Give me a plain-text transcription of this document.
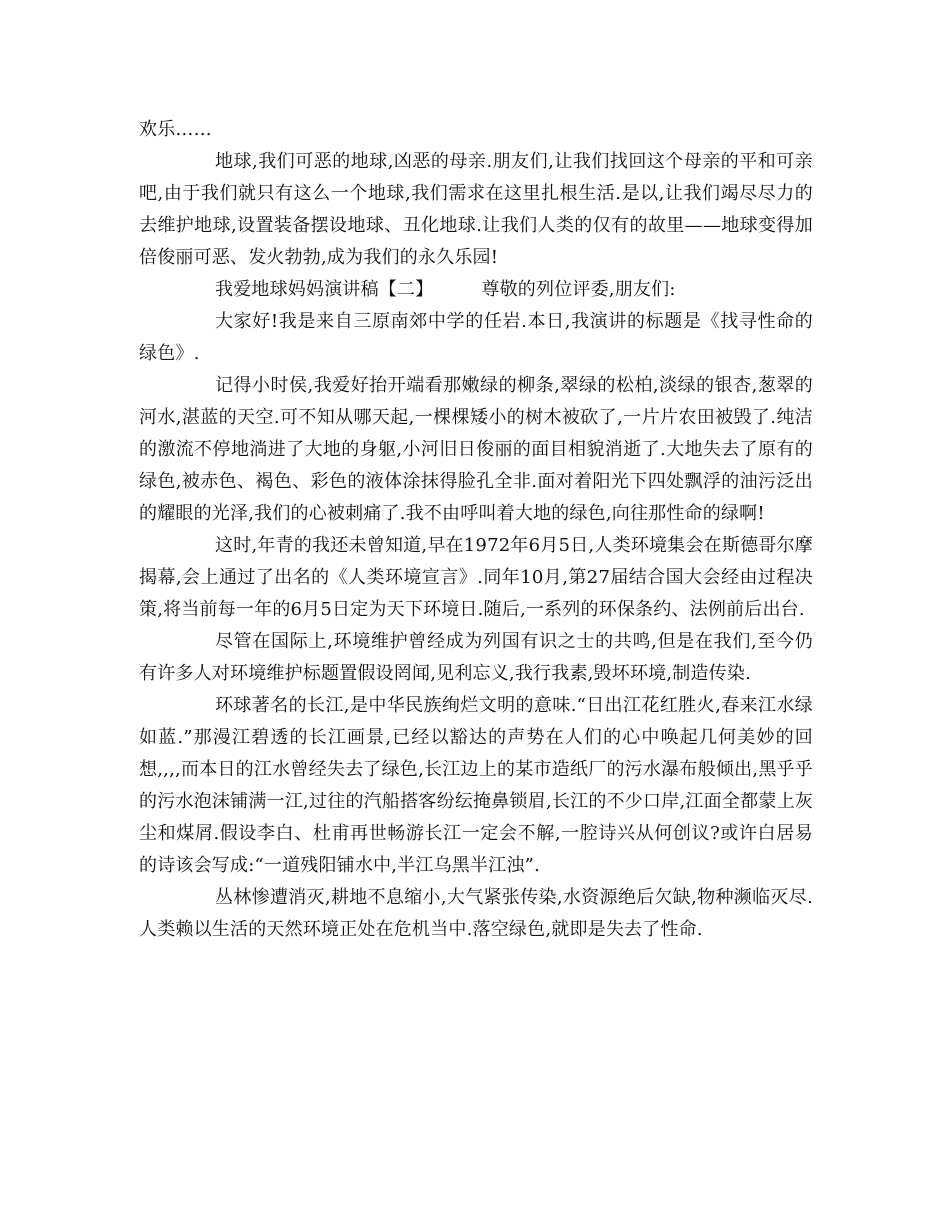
欢乐……

地球,我们可恶的地球,凶恶的母亲.朋友们,让我们找回这个母亲的平和可亲吧,由于我们就只有这么一个地球,我们需求在这里扎根生活.是以,让我们竭尽尽力的去维护地球,设置装备摆设地球、丑化地球.让我们人类的仅有的故里——地球变得加倍俊丽可恶、发火勃勃,成为我们的永久乐园!

我爱地球妈妈演讲稿【二】	尊敬的列位评委,朋友们:

大家好!我是来自三原南郊中学的任岩.本日,我演讲的标题是《找寻性命的绿色》.

记得小时侯,我爱好抬开端看那嫩绿的柳条,翠绿的松柏,淡绿的银杏,葱翠的河水,湛蓝的天空.可不知从哪天起,一棵棵矮小的树木被砍了,一片片农田被毁了.纯洁的激流不停地淌进了大地的身躯,小河旧日俊丽的面目相貌消逝了.大地失去了原有的绿色,被赤色、褐色、彩色的液体涂抹得脸孔全非.面对着阳光下四处飘浮的油污泛出的耀眼的光泽,我们的心被刺痛了.我不由呼叫着大地的绿色,向往那性命的绿啊!

这时,年青的我还未曾知道,早在1972年6月5日,人类环境集会在斯德哥尔摩揭幕,会上通过了出名的《人类环境宣言》.同年10月,第27届结合国大会经由过程决策,将当前每一年的6月5日定为天下环境日.随后,一系列的环保条约、法例前后出台.

尽管在国际上,环境维护曾经成为列国有识之士的共鸣,但是在我们,至今仍有许多人对环境维护标题置假设罔闻,见利忘义,我行我素,毁坏环境,制造传染.

环球著名的长江,是中华民族绚烂文明的意味.“日出江花红胜火,春来江水绿如蓝.”那漫江碧透的长江画景,已经以豁达的声势在人们的心中唤起几何美妙的回想,,,,而本日的江水曾经失去了绿色,长江边上的某市造纸厂的污水瀑布般倾出,黑乎乎的污水泡沫铺满一江,过往的汽船搭客纷纭掩鼻锁眉,长江的不少口岸,江面全都蒙上灰尘和煤屑.假设李白、杜甫再世畅游长江一定会不解,一腔诗兴从何创议?或许白居易的诗该会写成:“一道残阳铺水中,半江乌黑半江浊”.

丛林惨遭消灭,耕地不息缩小,大气紧张传染,水资源绝后欠缺,物种濒临灭尽.人类赖以生活的天然环境正处在危机当中.落空绿色,就即是失去了性命.
